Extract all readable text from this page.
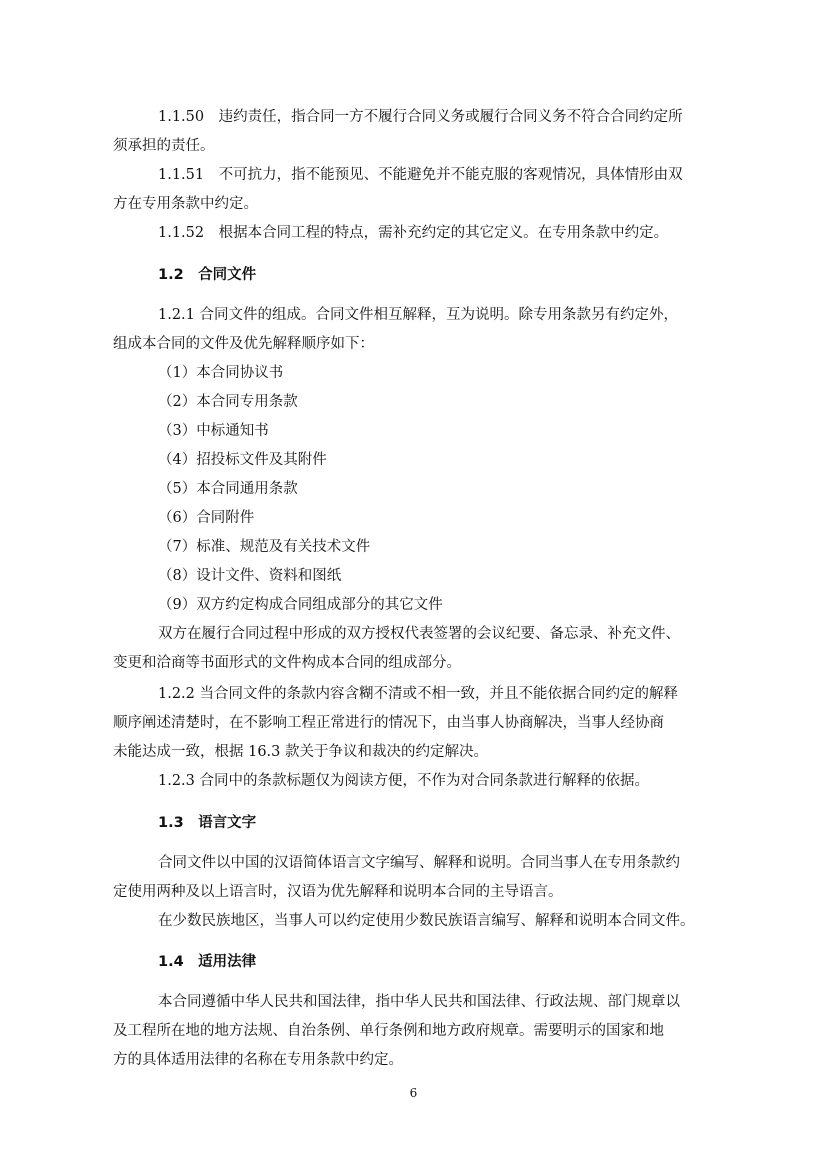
1.1.50　违约责任，指合同一方不履行合同义务或履行合同义务不符合合同约定所
须承担的责任。
1.1.51　不可抗力，指不能预见、不能避免并不能克服的客观情况，具体情形由双
方在专用条款中约定。
1.1.52　根据本合同工程的特点，需补充约定的其它定义。在专用条款中约定。
1.2　合同文件
1.2.1 合同文件的组成。合同文件相互解释，互为说明。除专用条款另有约定外，
组成本合同的文件及优先解释顺序如下：
（1）本合同协议书
（2）本合同专用条款
（3）中标通知书
（4）招投标文件及其附件
（5）本合同通用条款
（6）合同附件
（7）标准、规范及有关技术文件
（8）设计文件、资料和图纸
（9）双方约定构成合同组成部分的其它文件
双方在履行合同过程中形成的双方授权代表签署的会议纪要、备忘录、补充文件、
变更和洽商等书面形式的文件构成本合同的组成部分。
1.2.2 当合同文件的条款内容含糊不清或不相一致，并且不能依据合同约定的解释
顺序阐述清楚时，在不影响工程正常进行的情况下，由当事人协商解决，当事人经协商
未能达成一致，根据 16.3 款关于争议和裁决的约定解决。
1.2.3 合同中的条款标题仅为阅读方便，不作为对合同条款进行解释的依据。
1.3　语言文字
合同文件以中国的汉语简体语言文字编写、解释和说明。合同当事人在专用条款约
定使用两种及以上语言时，汉语为优先解释和说明本合同的主导语言。
在少数民族地区，当事人可以约定使用少数民族语言编写、解释和说明本合同文件。
1.4　适用法律
本合同遵循中华人民共和国法律，指中华人民共和国法律、行政法规、部门规章以
及工程所在地的地方法规、自治条例、单行条例和地方政府规章。需要明示的国家和地
方的具体适用法律的名称在专用条款中约定。
6
